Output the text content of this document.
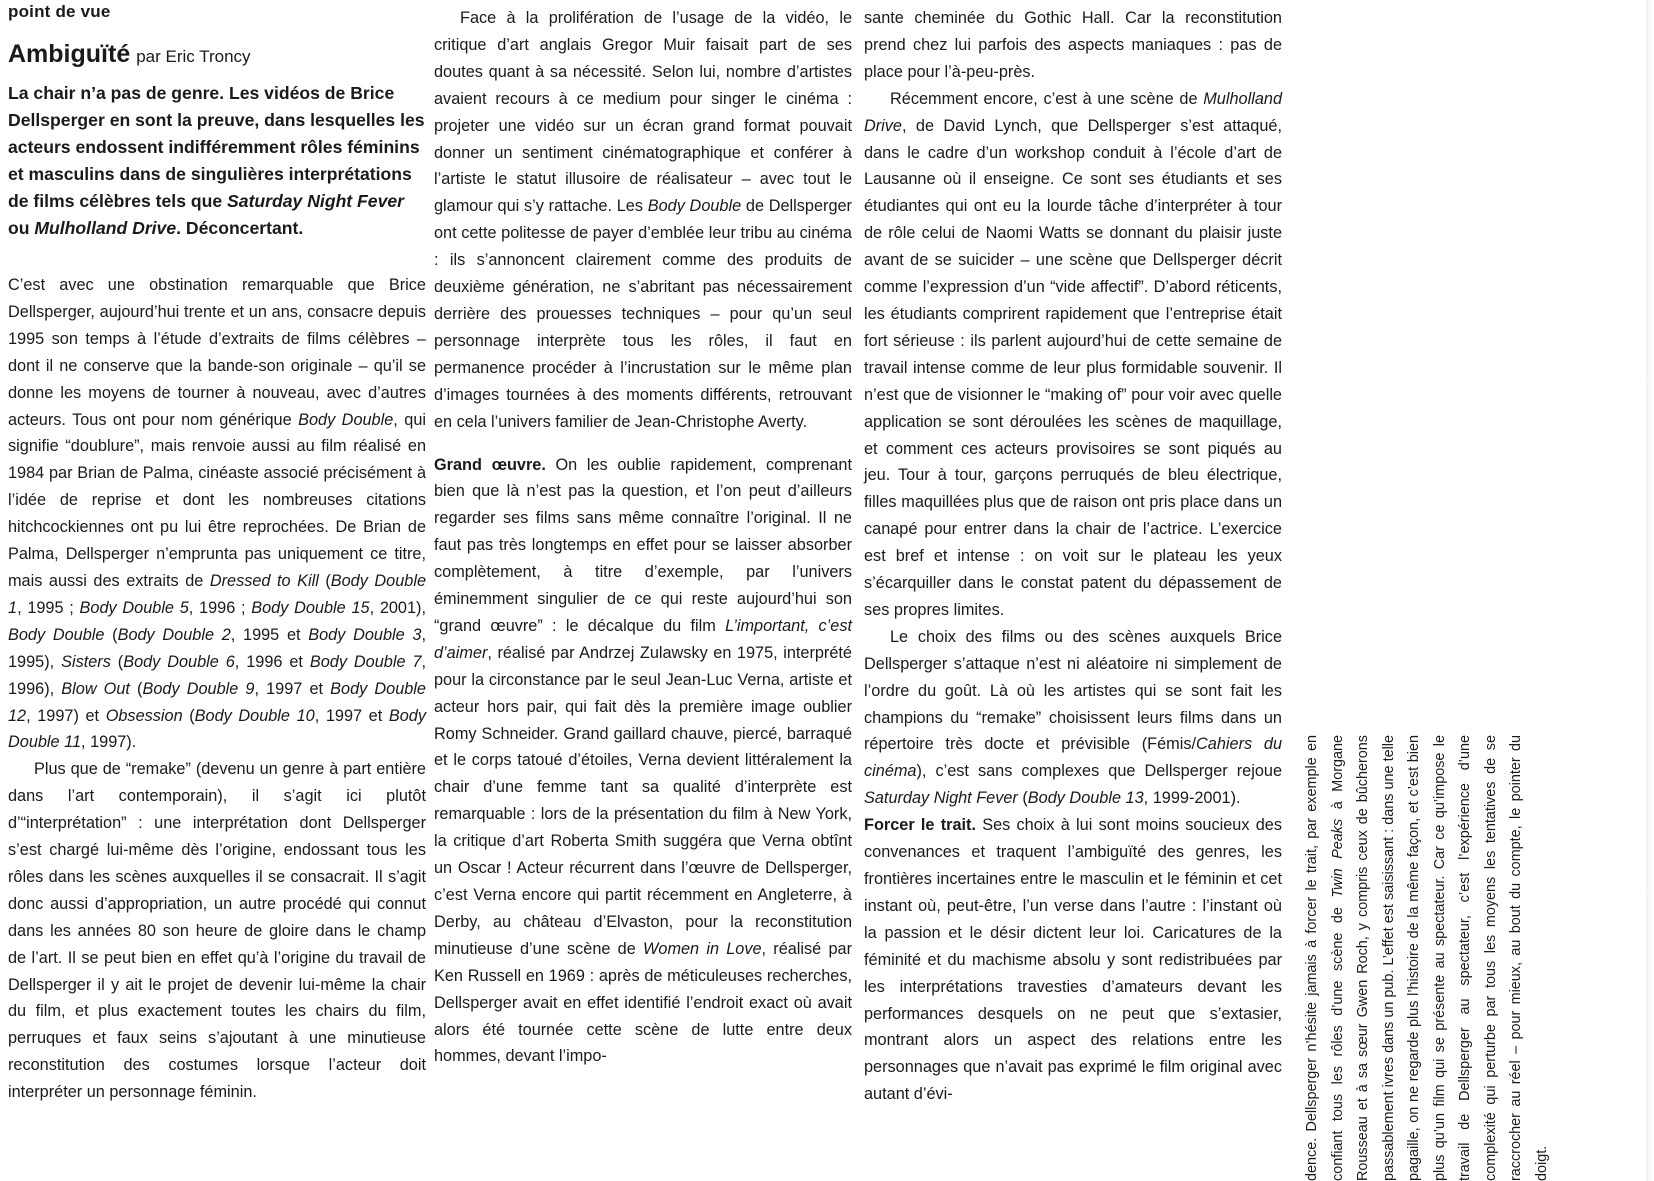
point de vue
Ambiguïté par Eric Troncy
La chair n’a pas de genre. Les vidéos de Brice Dellsperger en sont la preuve, dans lesquelles les acteurs endossent indifféremment rôles féminins et masculins dans de singulières interprétations de films célèbres tels que Saturday Night Fever ou Mulholland Drive. Déconcertant.

C’est avec une obstination remarquable que Brice Dellsperger, aujourd’hui trente et un ans, consacre depuis 1995 son temps à l’étude d’extraits de films célèbres – dont il ne conserve que la bande-son originale – qu’il se donne les moyens de tourner à nouveau, avec d’autres acteurs. Tous ont pour nom générique Body Double, qui signifie “doublure”, mais renvoie aussi au film réalisé en 1984 par Brian de Palma, cinéaste associé précisément à l’idée de reprise et dont les nombreuses citations hitchcockiennes ont pu lui être reprochées. De Brian de Palma, Dellsperger n’emprunta pas uniquement ce titre, mais aussi des extraits de Dressed to Kill (Body Double 1, 1995 ; Body Double 5, 1996 ; Body Double 15, 2001), Body Double (Body Double 2, 1995 et Body Double 3, 1995), Sisters (Body Double 6, 1996 et Body Double 7, 1996), Blow Out (Body Double 9, 1997 et Body Double 12, 1997) et Obsession (Body Double 10, 1997 et Body Double 11, 1997).

Plus que de “remake” (devenu un genre à part entière dans l’art contemporain), il s’agit ici plutôt d’“interprétation” : une interprétation dont Dellsperger s’est chargé lui-même dès l’origine, endossant tous les rôles dans les scènes auxquelles il se consacrait. Il s’agit donc aussi d’appropriation, un autre procédé qui connut dans les années 80 son heure de gloire dans le champ de l’art. Il se peut bien en effet qu’à l’origine du travail de Dellsperger il y ait le projet de devenir lui-même la chair du film, et plus exactement toutes les chairs du film, perruques et faux seins s’ajoutant à une minutieuse reconstitution des costumes lorsque l’acteur doit interpréter un personnage féminin.

Face à la prolifération de l’usage de la vidéo, le critique d’art anglais Gregor Muir faisait part de ses doutes quant à sa nécessité. Selon lui, nombre d’artistes avaient recours à ce medium pour singer le cinéma : projeter une vidéo sur un écran grand format pouvait donner un sentiment cinématographique et conférer à l’artiste le statut illusoire de réalisateur – avec tout le glamour qui s’y rattache. Les Body Double de Dellsperger ont cette politesse de payer d’emblée leur tribu au cinéma : ils s’annoncent clairement comme des produits de deuxième génération, ne s’abritant pas nécessairement derrière des prouesses techniques – pour qu’un seul personnage interprète tous les rôles, il faut en permanence procéder à l’incrustation sur le même plan d’images tournées à des moments différents, retrouvant en cela l’univers familier de Jean-Christophe Averty.

Grand œuvre. On les oublie rapidement, comprenant bien que là n’est pas la question, et l’on peut d’ailleurs regarder ses films sans même connaître l’original. Il ne faut pas très longtemps en effet pour se laisser absorber complètement, à titre d’exemple, par l’univers éminemment singulier de ce qui reste aujourd’hui son “grand œuvre” : le décalque du film L’important, c’est d’aimer, réalisé par Andrzej Zulawsky en 1975, interprété pour la circonstance par le seul Jean-Luc Verna, artiste et acteur hors pair, qui fait dès la première image oublier Romy Schneider. Grand gaillard chauve, piercé, barraqué et le corps tatoué d’étoiles, Verna devient littéralement la chair d’une femme tant sa qualité d’interprète est remarquable : lors de la présentation du film à New York, la critique d’art Roberta Smith suggéra que Verna obtînt un Oscar ! Acteur récurrent dans l’œuvre de Dellsperger, c’est Verna encore qui partit récemment en Angleterre, à Derby, au château d’Elvaston, pour la reconstitution minutieuse d’une scène de Women in Love, réalisé par Ken Russell en 1969 : après de méticuleuses recherches, Dellsperger avait en effet identifié l’endroit exact où avait alors été tournée cette scène de lutte entre deux hommes, devant l’impo-

sante cheminée du Gothic Hall. Car la reconstitution prend chez lui parfois des aspects maniaques : pas de place pour l’à-peu-près.

Récemment encore, c’est à une scène de Mulholland Drive, de David Lynch, que Dellsperger s’est attaqué, dans le cadre d’un workshop conduit à l’école d’art de Lausanne où il enseigne. Ce sont ses étudiants et ses étudiantes qui ont eu la lourde tâche d’interpréter à tour de rôle celui de Naomi Watts se donnant du plaisir juste avant de se suicider – une scène que Dellsperger décrit comme l’expression d’un “vide affectif”. D’abord réticents, les étudiants comprirent rapidement que l’entreprise était fort sérieuse : ils parlent aujourd’hui de cette semaine de travail intense comme de leur plus formidable souvenir. Il n’est que de visionner le “making of” pour voir avec quelle application se sont déroulées les scènes de maquillage, et comment ces acteurs provisoires se sont piqués au jeu. Tour à tour, garçons perruqués de bleu électrique, filles maquillées plus que de raison ont pris place dans un canapé pour entrer dans la chair de l’actrice. L’exercice est bref et intense : on voit sur le plateau les yeux s’écarquiller dans le constat patent du dépassement de ses propres limites.

Le choix des films ou des scènes auxquels Brice Dellsperger s’attaque n’est ni aléatoire ni simplement de l’ordre du goût. Là où les artistes qui se sont fait les champions du “remake” choisissent leurs films dans un répertoire très docte et prévisible (Fémis/Cahiers du cinéma), c’est sans complexes que Dellsperger rejoue Saturday Night Fever (Body Double 13, 1999-2001).

Forcer le trait. Ses choix à lui sont moins soucieux des convenances et traquent l’ambiguïté des genres, les frontières incertaines entre le masculin et le féminin et cet instant où, peut-être, l’un verse dans l’autre : l’instant où la passion et le désir dictent leur loi. Caricatures de la féminité et du machisme absolu y sont redistribuées par les interprétations travesties d’amateurs devant les performances desquels on ne peut que s’extasier, montrant alors un aspect des relations entre les personnages que n’avait pas exprimé le film original avec autant d’évi-	dence. Dellsperger n’hésite jamais à forcer le trait, par exemple en confiant tous les rôles d’une scène de Twin Peaks à Morgane Rousseau et à sa sœur Gwen Roch, y compris ceux de bûcherons passablement ivres dans un pub. L’effet est saisissant : dans une telle pagaille, on ne regarde plus l’histoire de la même façon, et c’est bien plus qu’un film qui se présente au spectateur. Car ce qu’impose le travail de Dellsperger au spectateur, c’est l’expérience d’une complexité qui perturbe par tous les moyens les tentatives de se raccrocher au réel – pour mieux, au bout du compte, le pointer du doigt.
